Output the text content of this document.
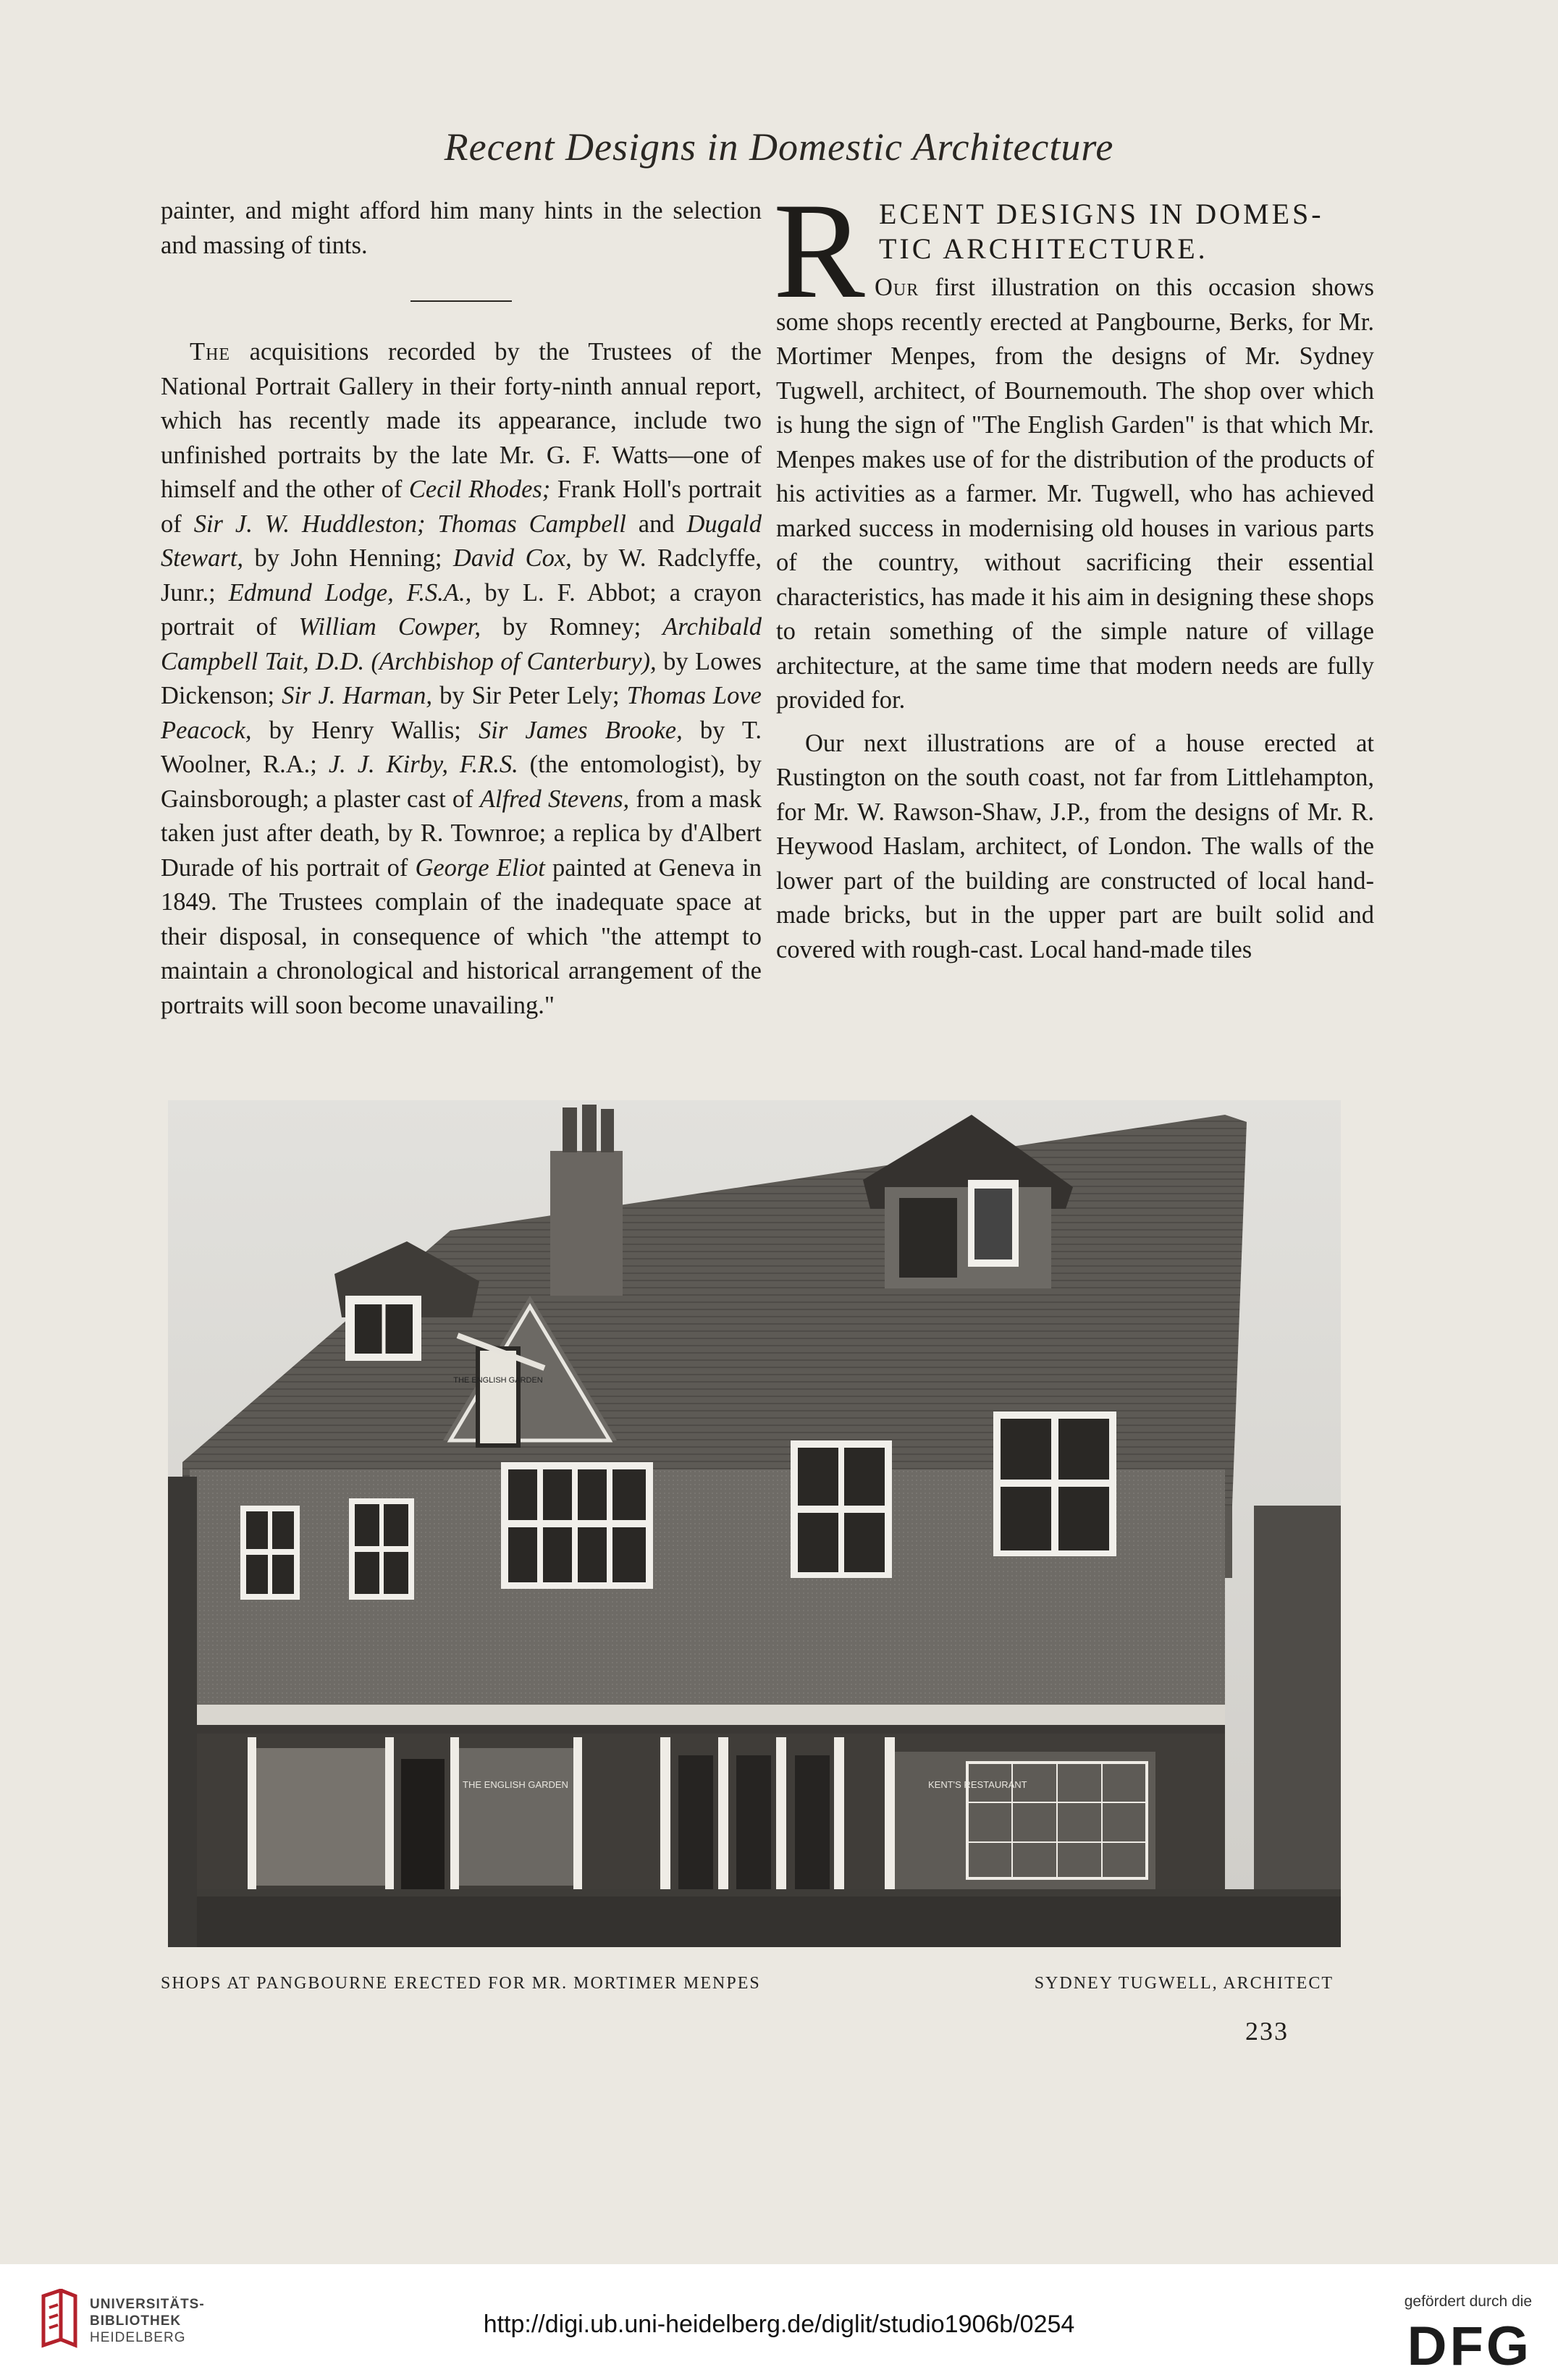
Recent Designs in Domestic Architecture

painter, and might afford him many hints in the selection and massing of tints.

The acquisitions recorded by the Trustees of the National Portrait Gallery in their forty-ninth annual report, which has recently made its appearance, include two unfinished portraits by the late Mr. G. F. Watts—one of himself and the other of Cecil Rhodes; Frank Holl's portrait of Sir J. W. Huddleston; Thomas Campbell and Dugald Stewart, by John Henning; David Cox, by W. Radclyffe, Junr.; Edmund Lodge, F.S.A., by L. F. Abbot; a crayon portrait of William Cowper, by Romney; Archibald Campbell Tait, D.D. (Archbishop of Canterbury), by Lowes Dickenson; Sir J. Harman, by Sir Peter Lely; Thomas Love Peacock, by Henry Wallis; Sir James Brooke, by T. Woolner, R.A.; J. J. Kirby, F.R.S. (the entomologist), by Gainsborough; a plaster cast of Alfred Stevens, from a mask taken just after death, by R. Townroe; a replica by d'Albert Durade of his portrait of George Eliot painted at Geneva in 1849. The Trustees complain of the inadequate space at their disposal, in consequence of which "the attempt to maintain a chronological and historical arrangement of the portraits will soon become unavailing."

R ECENT DESIGNS IN DOMES-
TIC ARCHITECTURE.

Our first illustration on this occasion shows some shops recently erected at Pangbourne, Berks, for Mr. Mortimer Menpes, from the designs of Mr. Sydney Tugwell, architect, of Bournemouth. The shop over which is hung the sign of "The English Garden" is that which Mr. Menpes makes use of for the distribution of the products of his activities as a farmer. Mr. Tugwell, who has achieved marked success in modernising old houses in various parts of the country, without sacrificing their essential characteristics, has made it his aim in designing these shops to retain something of the simple nature of village architecture, at the same time that modern needs are fully provided for.

Our next illustrations are of a house erected at Rustington on the south coast, not far from Littlehampton, for Mr. W. Rawson-Shaw, J.P., from the designs of Mr. R. Heywood Haslam, architect, of London. The walls of the lower part of the building are constructed of local hand-made bricks, but in the upper part are built solid and covered with rough-cast. Local hand-made tiles

THE ENGLISH GARDEN
THE ENGLISH GARDEN	KENT'S RESTAURANT
SHOPS AT PANGBOURNE ERECTED FOR MR. MORTIMER MENPES	SYDNEY TUGWELL, ARCHITECT
233
UNIVERSITÄTS-
BIBLIOTHEK
HEIDELBERG	http://digi.ub.uni-heidelberg.de/diglit/studio1906b/0254
gefördert durch die
DFG
